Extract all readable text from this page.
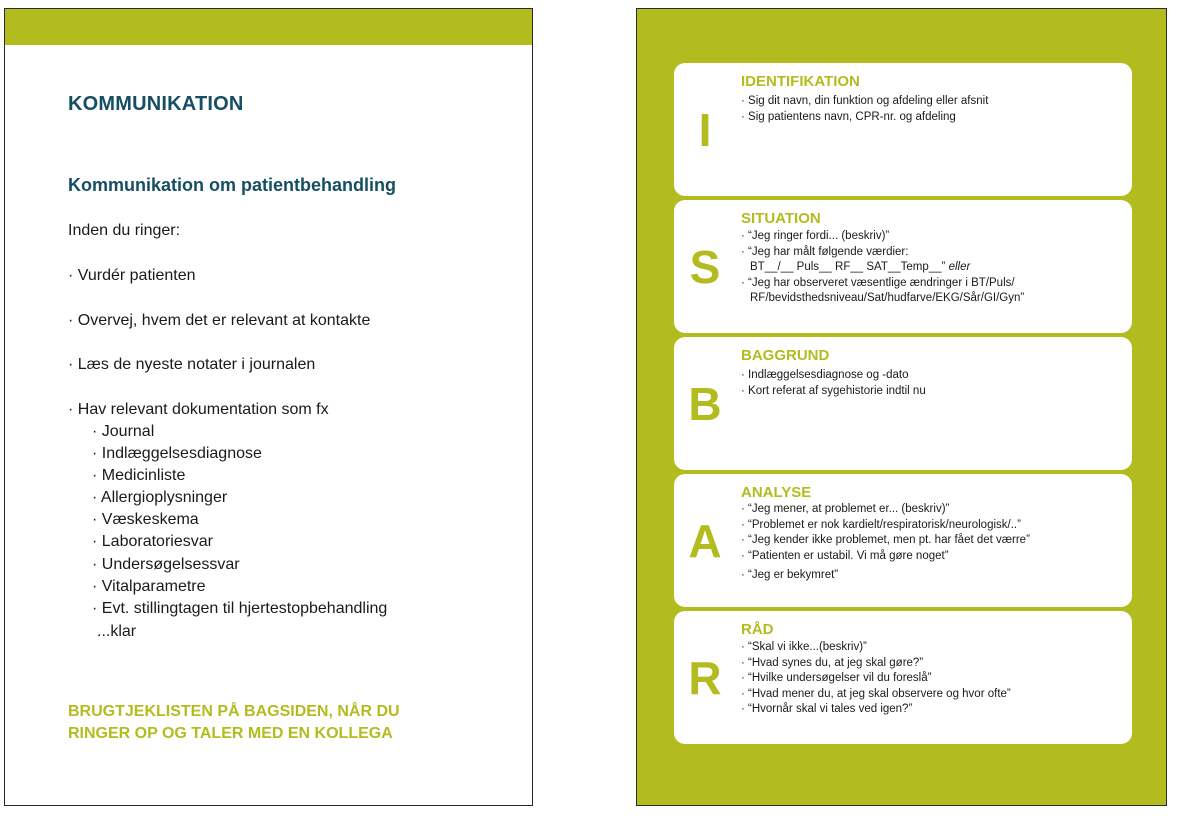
KOMMUNIKATION
Kommunikation om patientbehandling

Inden du ringer:

· Vurdér patienten
· Overvej, hvem det er relevant at kontakte
· Læs de nyeste notater i journalen
· Hav relevant dokumentation som fx
· Journal
· Indlæggelsesdiagnose
· Medicinliste
· Allergioplysninger
· Væskeskema
· Laboratoriesvar
· Undersøgelsessvar
· Vitalparametre
· Evt. stillingtagen til hjertestopbehandling
...klar

BRUGTJEKLISTEN PÅ BAGSIDEN, NÅR DU
RINGER OP OG TALER MED EN KOLLEGA

I
IDENTIFIKATION
· Sig dit navn, din funktion og afdeling eller afsnit
· Sig patientens navn, CPR-nr. og afdeling
S
SITUATION
· “Jeg ringer fordi... (beskriv)”
· “Jeg har målt følgende værdier:
BT__/__ Puls__ RF__ SAT__Temp__” eller
· “Jeg har observeret væsentlige ændringer i BT/Puls/
RF/bevidsthedsniveau/Sat/hudfarve/EKG/Sår/GI/Gyn”
B
BAGGRUND
· Indlæggelsesdiagnose og -dato
· Kort referat af sygehistorie indtil nu
A
ANALYSE
· “Jeg mener, at problemet er... (beskriv)”
· “Problemet er nok kardielt/respiratorisk/neurologisk/..”
· “Jeg kender ikke problemet, men pt. har fået det værre”
· “Patienten er ustabil. Vi må gøre noget”
· “Jeg er bekymret”
R
RÅD
· “Skal vi ikke...(beskriv)”
· “Hvad synes du, at jeg skal gøre?”
· “Hvilke undersøgelser vil du foreslå”
· “Hvad mener du, at jeg skal observere og hvor ofte”
· “Hvornår skal vi tales ved igen?”
